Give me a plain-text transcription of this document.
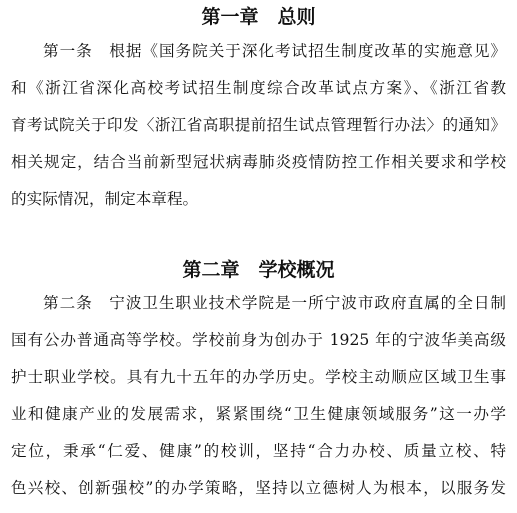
第一章　总则
第一条　根据《国务院关于深化考试招生制度改革的实施意见》
和《浙江省深化高校考试招生制度综合改革试点方案》、《浙江省教
育考试院关于印发〈浙江省高职提前招生试点管理暂行办法〉的通知》
相关规定，结合当前新型冠状病毒肺炎疫情防控工作相关要求和学校
的实际情况，制定本章程。
第二章　学校概况
第二条　宁波卫生职业技术学院是一所宁波市政府直属的全日制
国有公办普通高等学校。学校前身为创办于 1925 年的宁波华美高级
护士职业学校。具有九十五年的办学历史。学校主动顺应区域卫生事
业和健康产业的发展需求，紧紧围绕“卫生健康领域服务”这一办学
定位，秉承“仁爱、健康”的校训，坚持“合力办校、质量立校、特
色兴校、创新强校”的办学策略，坚持以立德树人为根本，以服务发
